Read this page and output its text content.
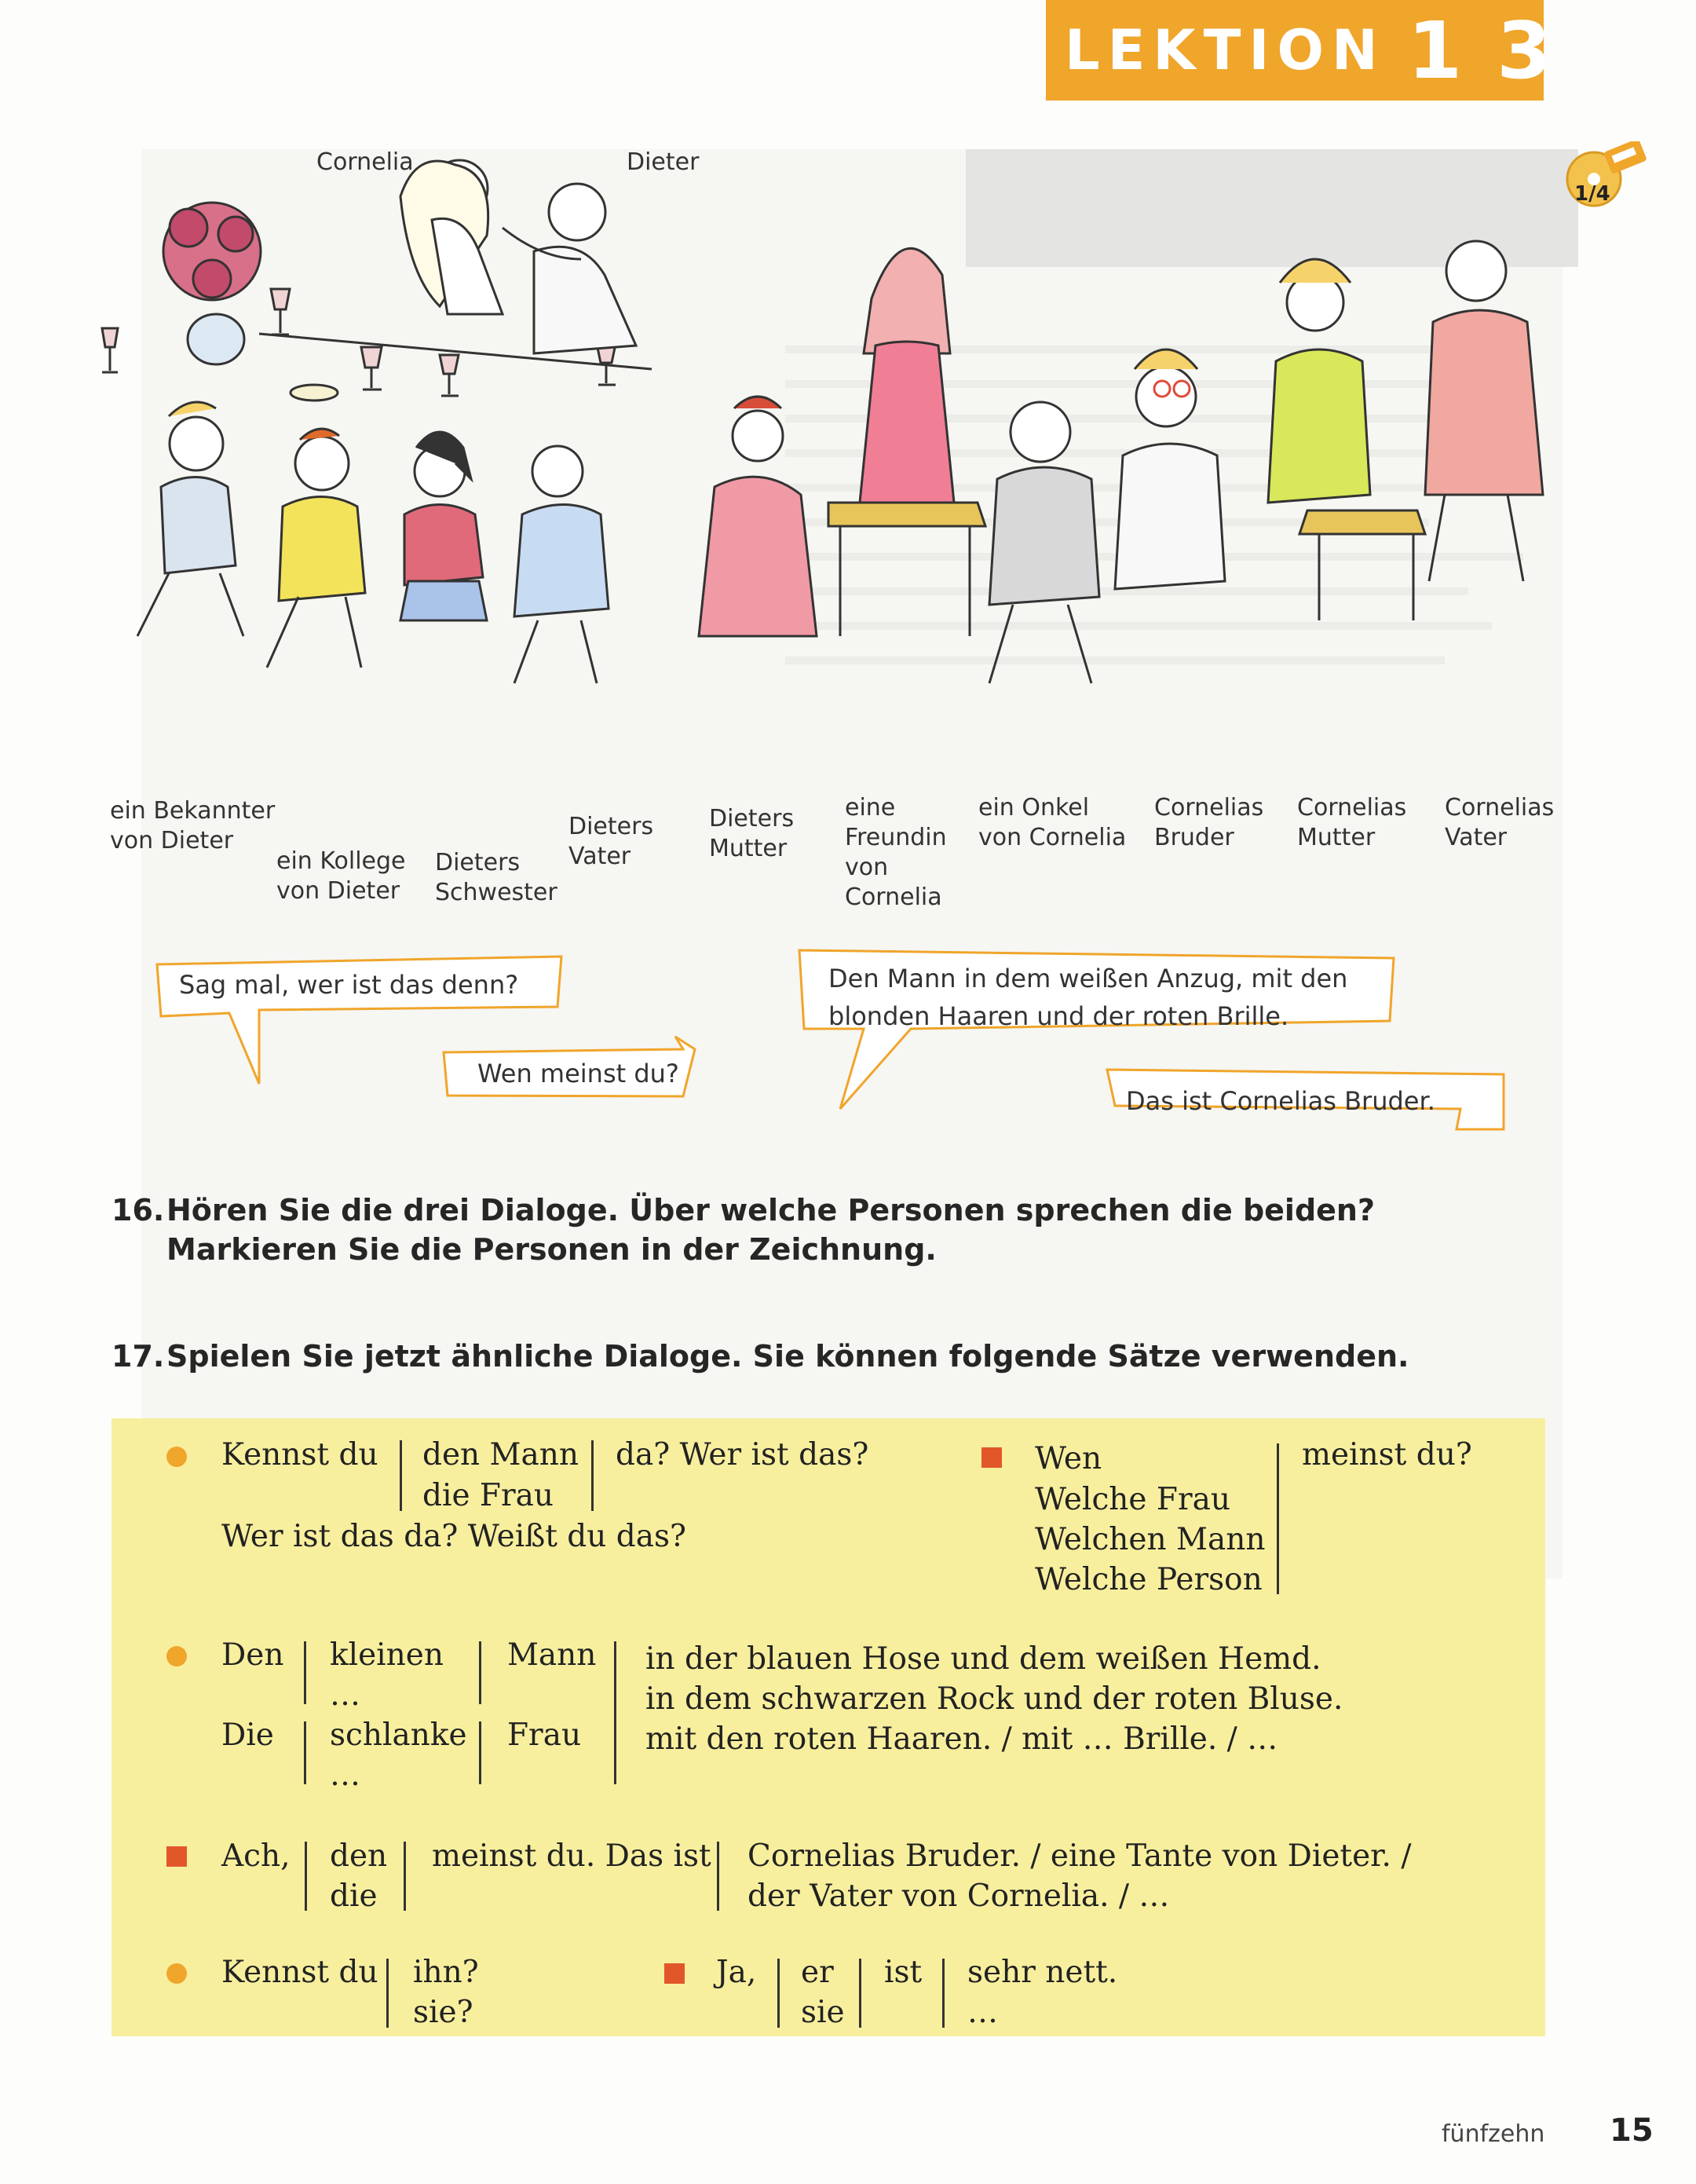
LEKTION 1 3
1/4
Cornelia	Dieter
ein Bekannter
von Dieter
ein Kollege
von Dieter
Dieters
Schwester
Dieters
Vater
Dieters
Mutter
eine
Freundin
von
Cornelia
ein Onkel
von Cornelia
Cornelias
Bruder
Cornelias
Mutter
Cornelias
Vater
Sag mal, wer ist das denn?
Wen meinst du?
Den Mann in dem weißen Anzug, mit den
blonden Haaren und der roten Brille.
Das ist Cornelias Bruder.
16.Hören Sie die drei Dialoge. Über welche Personen sprechen die beiden?
Markieren Sie die Personen in der Zeichnung.
17.Spielen Sie jetzt ähnliche Dialoge. Sie können folgende Sätze verwenden.
Kennst du den Mann
die Frau
da? Wer ist das?
Wer ist das da? Weißt du das?
Wen
Welche Frau
Welchen Mann
Welche Person
meinst du?
Den
Die
kleinen
…
schlanke
…
Mann
Frau
in der blauen Hose und dem weißen Hemd.
in dem schwarzen Rock und der roten Bluse.
mit den roten Haaren. / mit … Brille. / …
Ach, den
die
meinst du. Das ist Cornelias Bruder. / eine Tante von Dieter. /
der Vater von Cornelia. / …
Kennst du ihn?
sie?
Ja, er
sie
ist sehr nett.
…
fünfzehn 15
